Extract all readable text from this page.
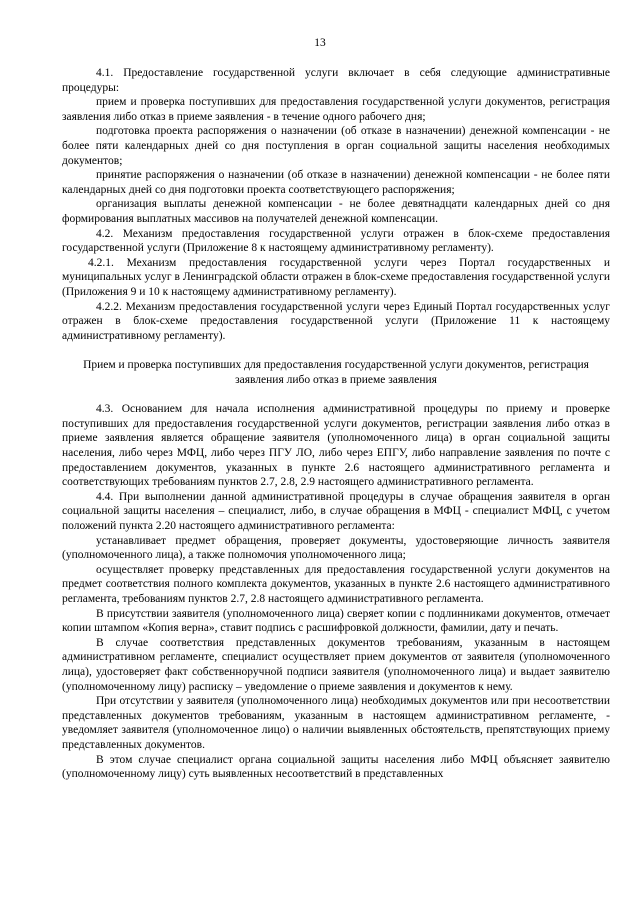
13

4.1. Предоставление государственной услуги включает в себя следующие административные процедуры:

прием и проверка поступивших для предоставления государственной услуги документов, регистрация заявления либо отказ в приеме заявления - в течение одного рабочего дня;

подготовка проекта распоряжения о назначении (об отказе в назначении) денежной компенсации - не более пяти календарных дней со дня поступления в орган социальной защиты населения необходимых документов;

принятие распоряжения о назначении (об отказе в назначении) денежной компенсации - не более пяти календарных дней со дня подготовки проекта соответствующего распоряжения;

организация выплаты денежной компенсации - не более девятнадцати календарных дней со дня формирования выплатных массивов на получателей денежной компенсации.

4.2. Механизм предоставления государственной услуги отражен в блок-схеме предоставления государственной услуги (Приложение 8 к настоящему административному регламенту).

4.2.1. Механизм предоставления государственной услуги через Портал государственных и муниципальных услуг в Ленинградской области отражен в блок-схеме предоставления государственной услуги (Приложения 9 и 10 к настоящему административному регламенту).

4.2.2. Механизм предоставления государственной услуги через Единый Портал государственных услуг отражен в блок-схеме предоставления государственной услуги (Приложение 11 к настоящему административному регламенту).

Прием и проверка поступивших для предоставления государственной услуги документов, регистрация заявления либо отказ в приеме заявления

4.3. Основанием для начала исполнения административной процедуры по приему и проверке поступивших для предоставления государственной услуги документов, регистрации заявления либо отказ в приеме заявления является обращение заявителя (уполномоченного лица) в орган социальной защиты населения, либо через МФЦ, либо через ПГУ ЛО, либо через ЕПГУ, либо направление заявления по почте с предоставлением документов, указанных в пункте 2.6 настоящего административного регламента и соответствующих требованиям пунктов 2.7, 2.8, 2.9 настоящего административного регламента.

4.4. При выполнении данной административной процедуры в случае обращения заявителя в орган социальной защиты населения – специалист, либо, в случае обращения в МФЦ - специалист МФЦ, с учетом положений пункта 2.20 настоящего административного регламента:

устанавливает предмет обращения, проверяет документы, удостоверяющие личность заявителя (уполномоченного лица), а также полномочия уполномоченного лица;

осуществляет проверку представленных для предоставления государственной услуги документов на предмет соответствия полного комплекта документов, указанных в пункте 2.6 настоящего административного регламента, требованиям пунктов 2.7, 2.8 настоящего административного регламента.

В присутствии заявителя (уполномоченного лица) сверяет копии с подлинниками документов, отмечает копии штампом «Копия верна», ставит подпись с расшифровкой должности, фамилии, дату и печать.

В случае соответствия представленных документов требованиям, указанным в настоящем административном регламенте, специалист осуществляет прием документов от заявителя (уполномоченного лица), удостоверяет факт собственноручной подписи заявителя (уполномоченного лица) и выдает заявителю (уполномоченному лицу) расписку – уведомление о приеме заявления и документов к нему.

При отсутствии у заявителя (уполномоченного лица) необходимых документов или при несоответствии представленных документов требованиям, указанным в настоящем административном регламенте, - уведомляет заявителя (уполномоченное лицо) о наличии выявленных обстоятельств, препятствующих приему представленных документов.

В этом случае специалист органа социальной защиты населения либо МФЦ объясняет заявителю (уполномоченному лицу) суть выявленных несоответствий в представленных
